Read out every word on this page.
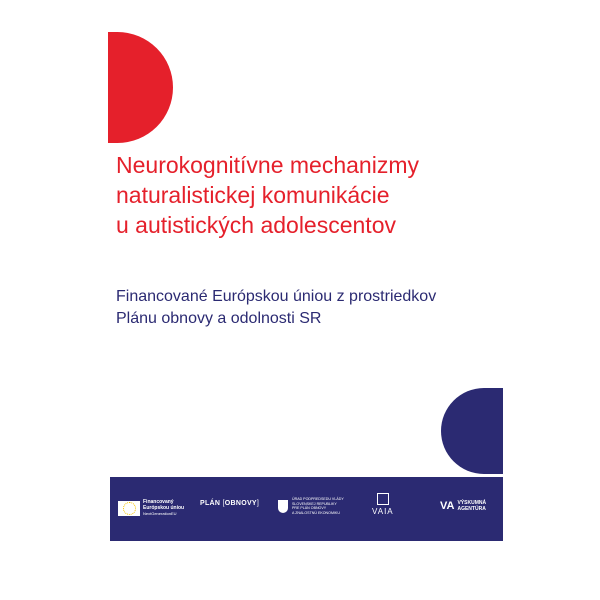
Neurokognitívne mechanizmy
naturalistickej komunikácie
u autistických adolescentov
Financované Európskou úniou z prostriedkov
Plánu obnovy a odolnosti SR
Financovaný
Európskou úniou
NextGenerationEU
PLÁN [ OBNOVY ]
ÚRAD PODPREDSEDU VLÁDY
SLOVENSKEJ REPUBLIKY
PRE PLÁN OBNOVY
A ZNALOSTNÚ EKONOMIKU	VAIA	VA VÝSKUMNÁ
AGENTÚRA
